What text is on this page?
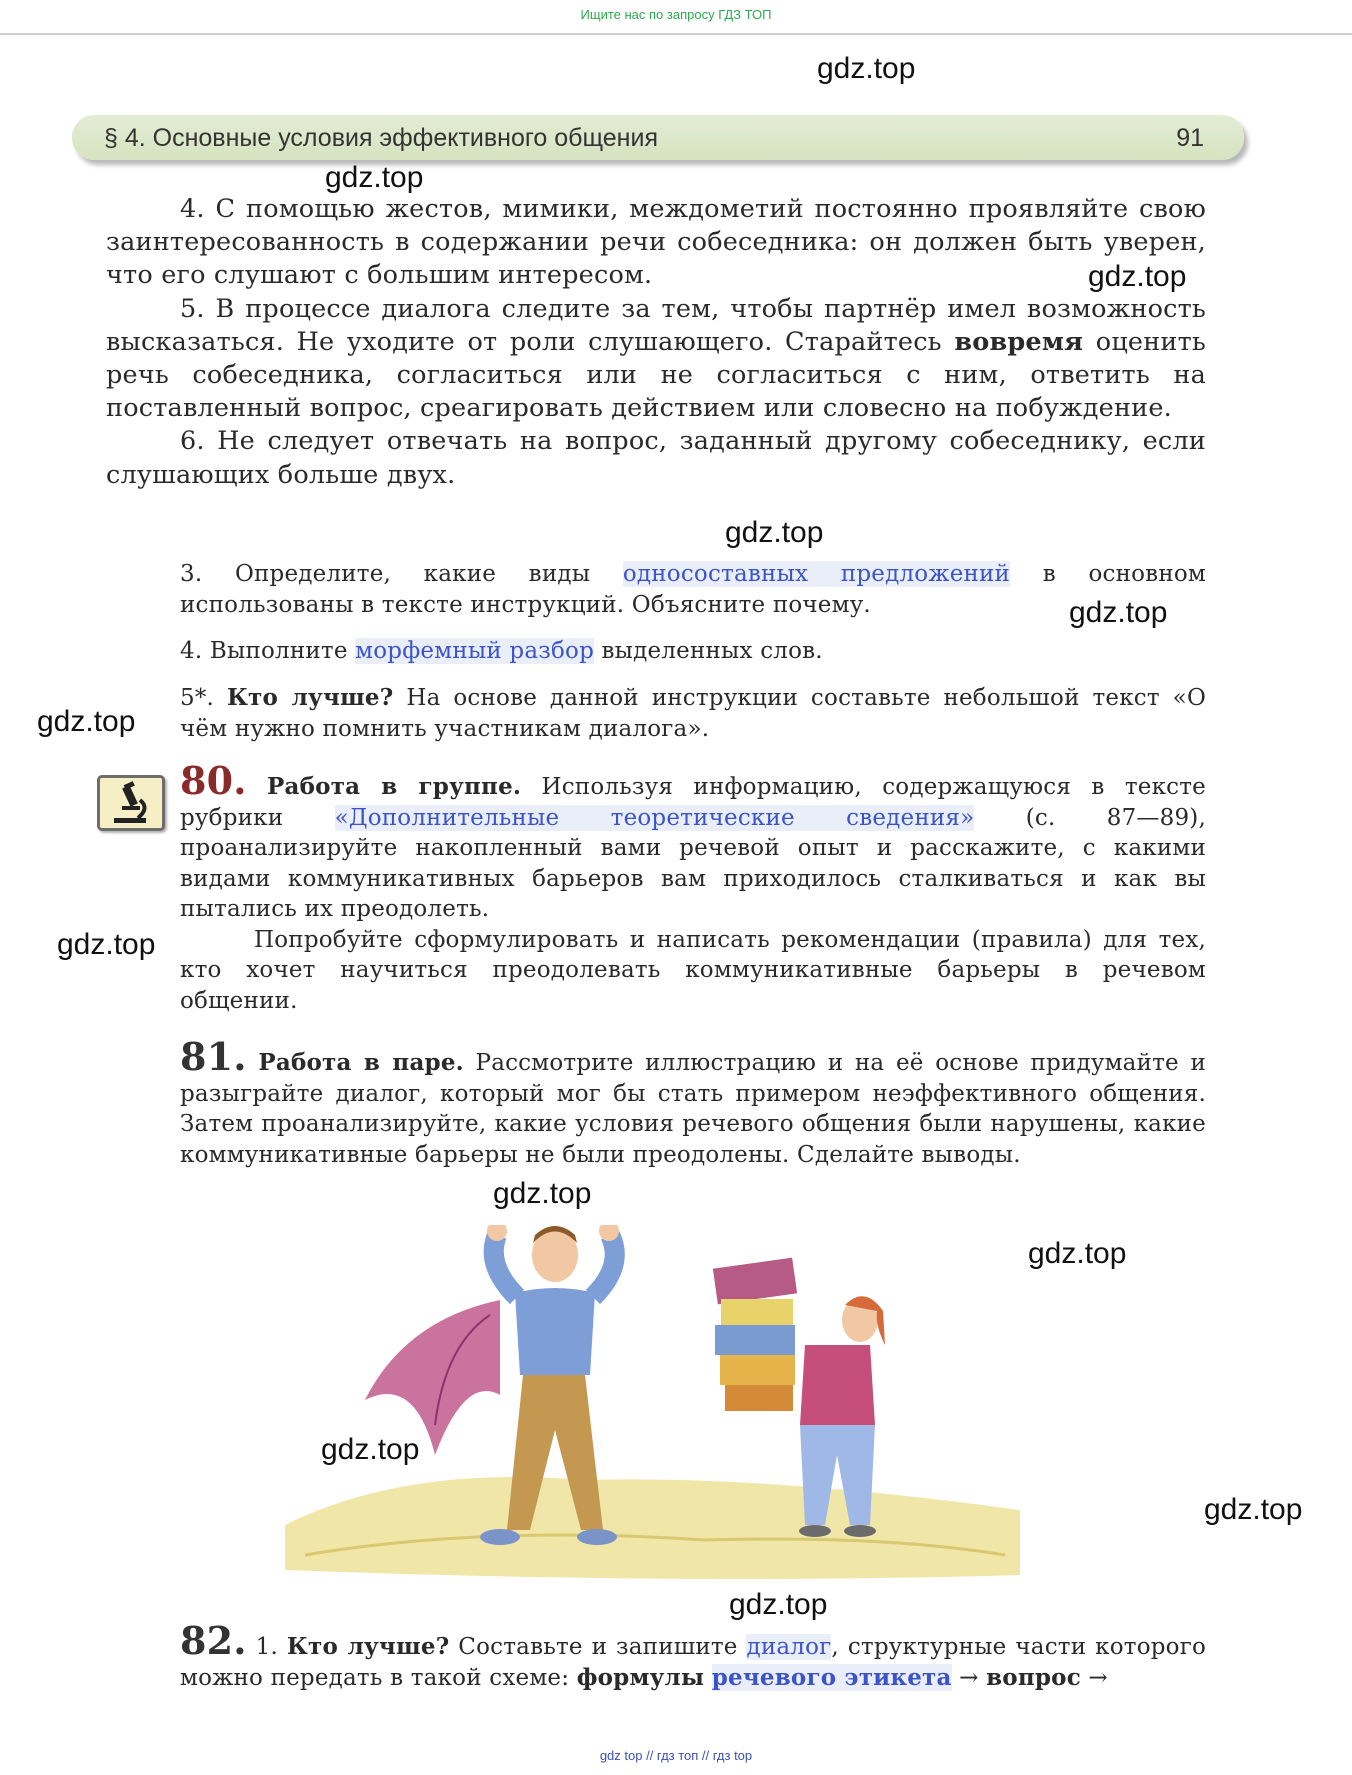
Ищите нас по запросу ГДЗ ТОП
gdz.top
§ 4. Основные условия эффективного общения	91
gdz.top
4. С помощью жестов, мимики, междометий постоянно проявляйте свою заинтересованность в содержании речи собеседника: он должен быть уверен, что его слушают с большим интересом.
5. В процессе диалога следите за тем, чтобы партнёр имел возможность высказаться. Не уходите от роли слушающего. Старайтесь вовремя оценить речь собеседника, согласиться или не согласиться с ним, ответить на поставленный вопрос, среагировать действием или словесно на побуждение.
6. Не следует отвечать на вопрос, заданный другому собеседнику, если слушающих больше двух.
gdz.top
gdz.top
3. Определите, какие виды односоставных предложений в основном использованы в тексте инструкций. Объясните почему.	gdz.top
4. Выполните морфемный разбор выделенных слов.
5*. Кто лучше? На основе данной инструкции составьте небольшой текст «О чём нужно помнить участникам диалога».
gdz.top
80. Работа в группе. Используя информацию, содержащуюся в тексте рубрики «Дополнительные теоретические сведения» (с. 87—89), проанализируйте накопленный вами речевой опыт и расскажите, с какими видами коммуникативных барьеров вам приходилось сталкиваться и как вы пытались их преодолеть.
Попробуйте сформулировать и написать рекомендации (правила) для тех, кто хочет научиться преодолевать коммуникативные барьеры в речевом общении.
gdz.top
81. Работа в паре. Рассмотрите иллюстрацию и на её основе придумайте и разыграйте диалог, который мог бы стать примером неэффективного общения. Затем проанализируйте, какие условия речевого общения были нарушены, какие коммуникативные барьеры не были преодолены. Сделайте выводы.
gdz.top
gdz.top
gdz.top
gdz.top
gdz.top
82. 1. Кто лучше? Составьте и запишите диалог, структурные части которого можно передать в такой схеме: формулы речевого этикета → вопрос →
gdz top // гдз топ // гдз top
